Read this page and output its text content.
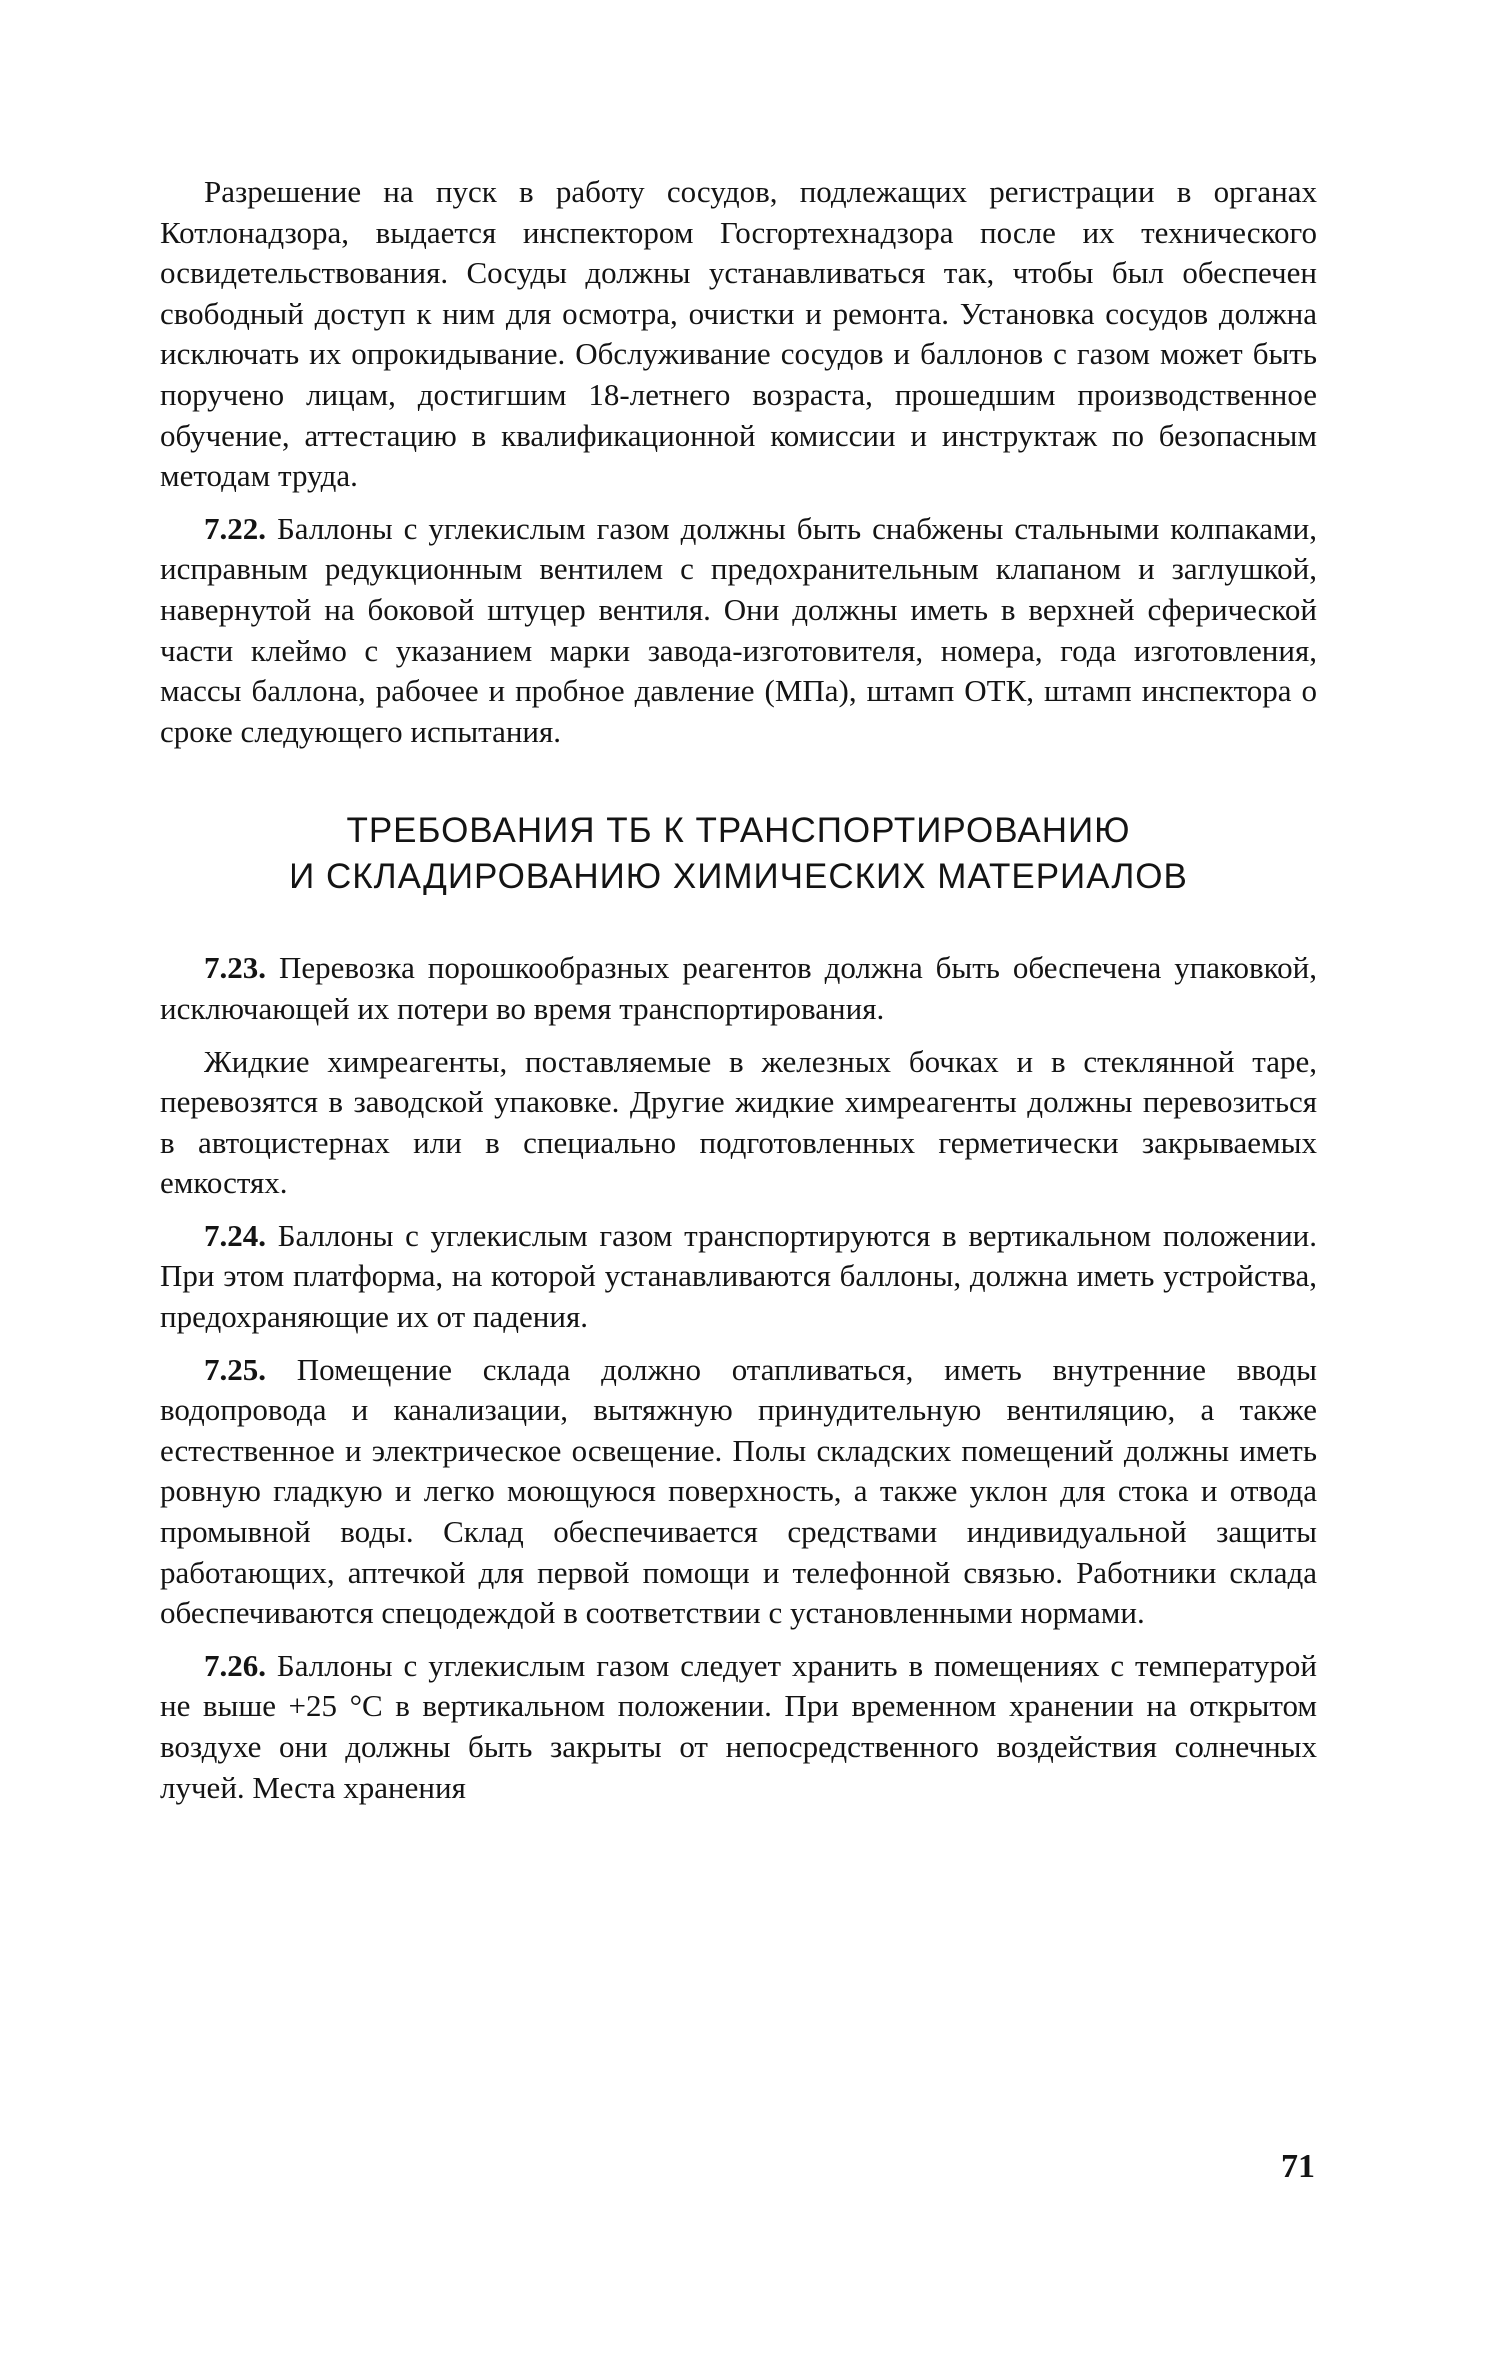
Разрешение на пуск в работу сосудов, подлежащих регистрации в органах Котлонадзора, выдается инспектором Госгортехнадзора после их технического освидетельствования. Сосуды должны устанавливаться так, чтобы был обеспечен свободный доступ к ним для осмотра, очистки и ремонта. Установка сосудов должна исключать их опрокидывание. Обслуживание сосудов и баллонов с газом может быть поручено лицам, достигшим 18-летнего возраста, прошедшим производственное обучение, аттестацию в квалификационной комиссии и инструктаж по безопасным методам труда.

7.22. Баллоны с углекислым газом должны быть снабжены стальными колпаками, исправным редукционным вентилем с предохранительным клапаном и заглушкой, навернутой на боковой штуцер вентиля. Они должны иметь в верхней сферической части клеймо с указанием марки завода-изготовителя, номера, года изготовления, массы баллона, рабочее и пробное давление (МПа), штамп ОТК, штамп инспектора о сроке следующего испытания.

ТРЕБОВАНИЯ ТБ К ТРАНСПОРТИРОВАНИЮ
И СКЛАДИРОВАНИЮ ХИМИЧЕСКИХ МАТЕРИАЛОВ

7.23. Перевозка порошкообразных реагентов должна быть обеспечена упаковкой, исключающей их потери во время транспортирования.

Жидкие химреагенты, поставляемые в железных бочках и в стеклянной таре, перевозятся в заводской упаковке. Другие жидкие химреагенты должны перевозиться в автоцистернах или в специально подготовленных герметически закрываемых емкостях.

7.24. Баллоны с углекислым газом транспортируются в вертикальном положении. При этом платформа, на которой устанавливаются баллоны, должна иметь устройства, предохраняющие их от падения.

7.25. Помещение склада должно отапливаться, иметь внутренние вводы водопровода и канализации, вытяжную принудительную вентиляцию, а также естественное и электрическое освещение. Полы складских помещений должны иметь ровную гладкую и легко моющуюся поверхность, а также уклон для стока и отвода промывной воды. Склад обеспечивается средствами индивидуальной защиты работающих, аптечкой для первой помощи и телефонной связью. Работники склада обеспечиваются спецодеждой в соответствии с установленными нормами.

7.26. Баллоны с углекислым газом следует хранить в помещениях с температурой не выше +25 °С в вертикальном положении. При временном хранении на открытом воздухе они должны быть закрыты от непосредственного воздействия солнечных лучей. Места хранения

71
